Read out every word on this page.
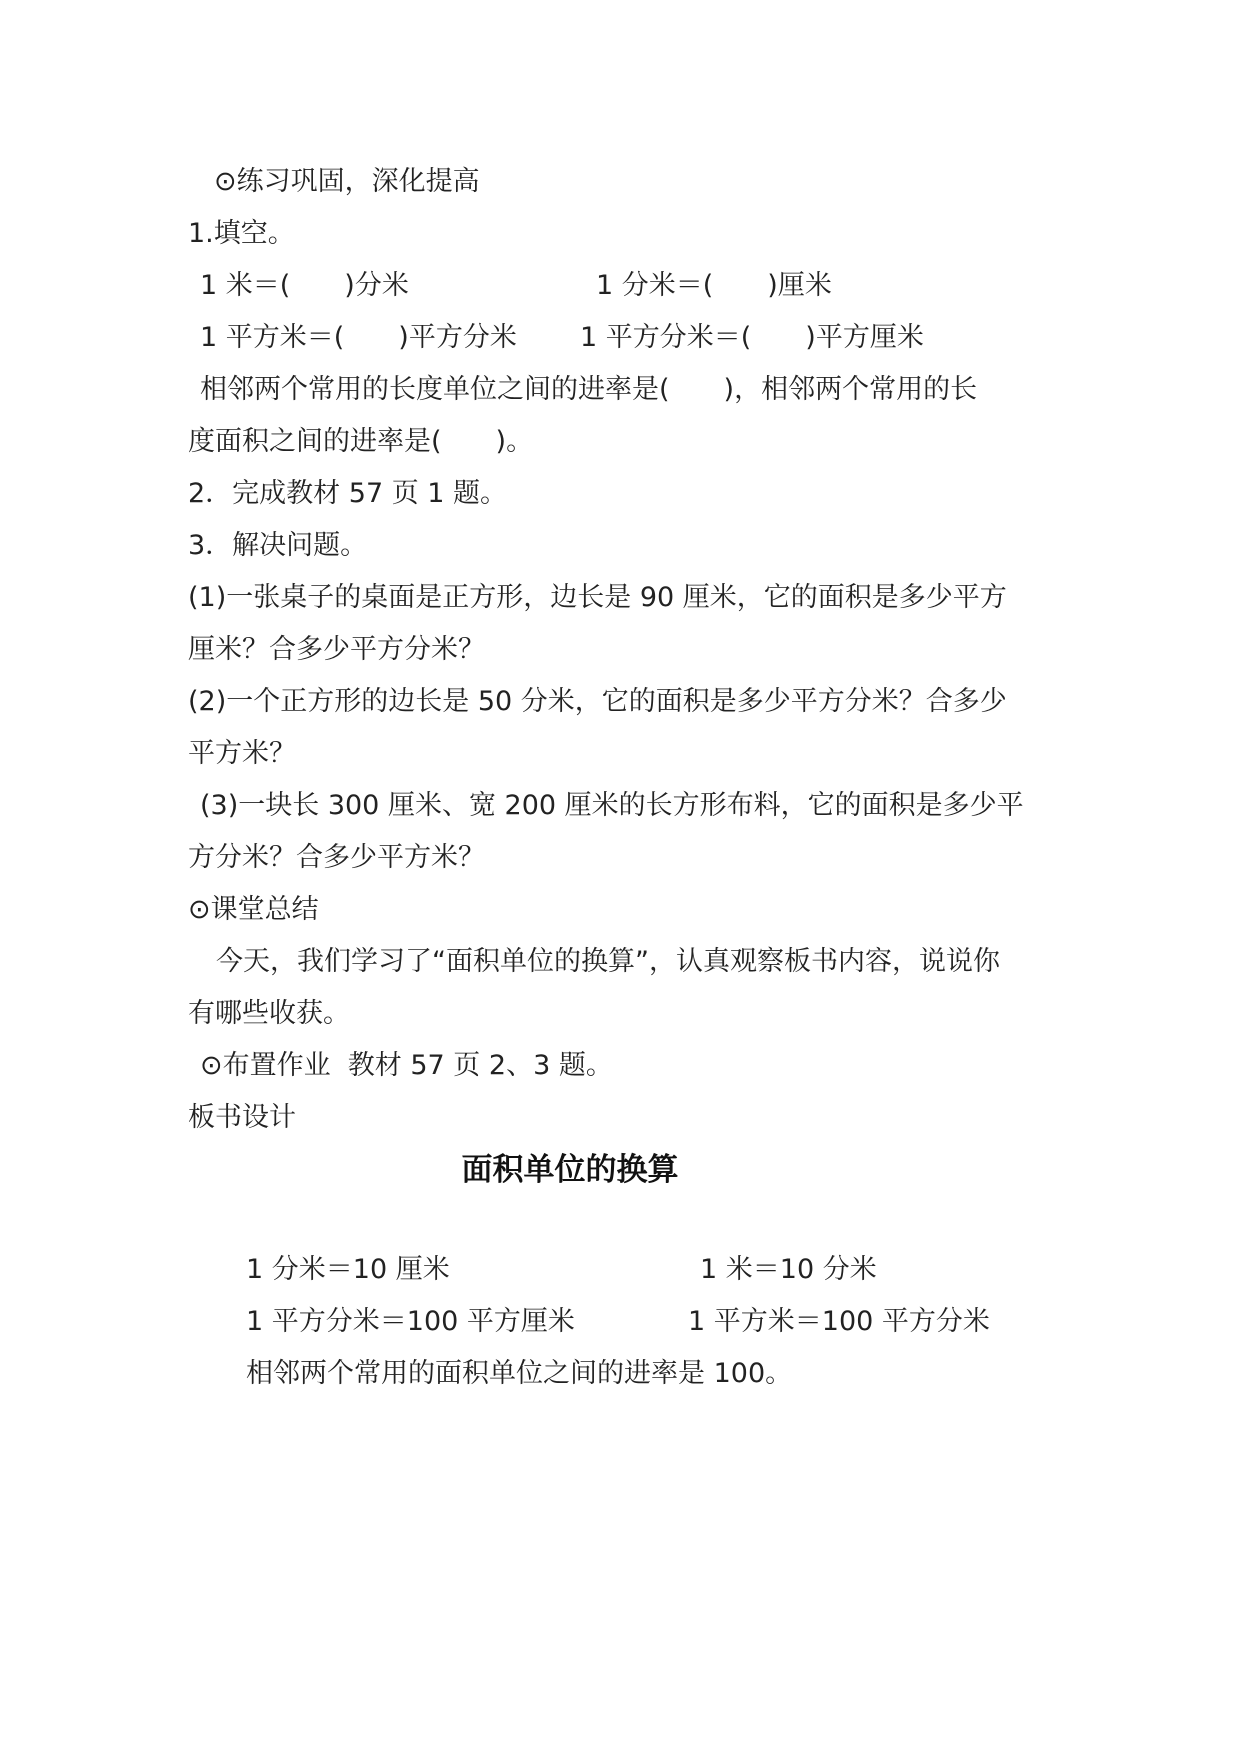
⊙练习巩固，深化提高
1.填空。
1 米＝(　　)分米	1 分米＝(　　)厘米
1 平方米＝(　　)平方分米 1 平方分米＝(　　)平方厘米
相邻两个常用的长度单位之间的进率是(　　)，相邻两个常用的长
度面积之间的进率是(　　)。
2．完成教材 57 页 1 题。
3．解决问题。
(1)一张桌子的桌面是正方形，边长是 90 厘米，它的面积是多少平方
厘米？合多少平方分米？
(2)一个正方形的边长是 50 分米，它的面积是多少平方分米？合多少
平方米？
(3)一块长 300 厘米、宽 200 厘米的长方形布料，它的面积是多少平
方分米？合多少平方米？
⊙课堂总结
今天，我们学习了“面积单位的换算”，认真观察板书内容，说说你
有哪些收获。
⊙布置作业  教材 57 页 2、3 题。
板书设计
面积单位的换算
1 分米＝10 厘米	1 米＝10 分米
1 平方分米＝100 平方厘米	1 平方米＝100 平方分米
相邻两个常用的面积单位之间的进率是 100。
